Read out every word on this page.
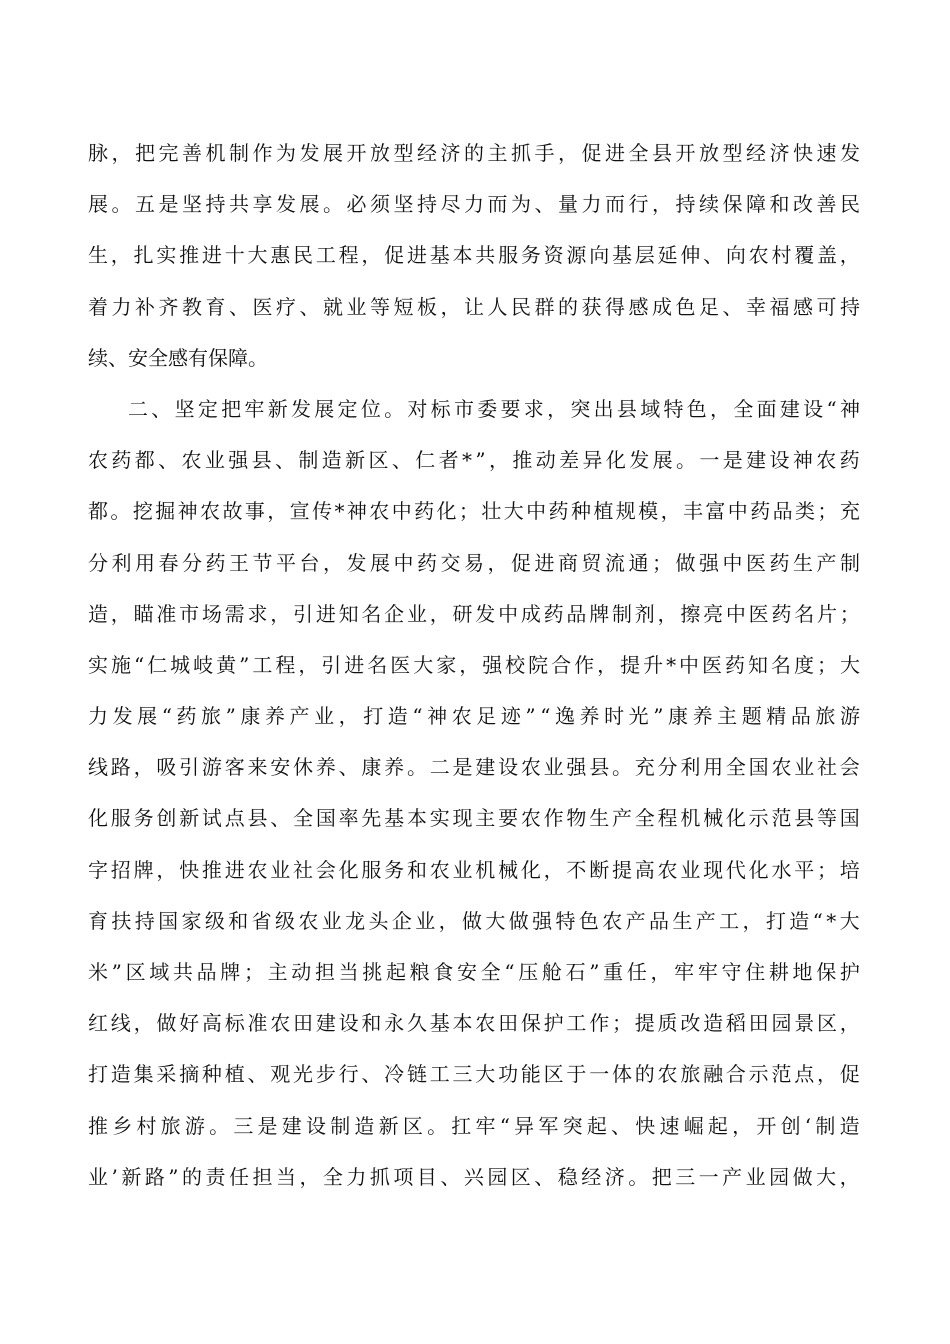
脉 ， 把 完 善 机 制 作 为 发 展 开 放 型 经 济 的 主 抓 手 ， 促 进 全 县 开 放 型 经 济 快 速 发
展 。 五 是 坚 持 共 享 发 展 。 必 须 坚 持 尽 力 而 为 、 量 力 而 行 ， 持 续 保 障 和 改 善 民
生 ， 扎 实 推 进 十 大 惠 民 工 程 ， 促 进 基 本 共 服 务 资 源 向 基 层 延 伸 、 向 农 村 覆 盖 ，
着 力 补 齐 教 育 、 医 疗 、 就 业 等 短 板 ， 让 人 民 群 的 获 得 感 成 色 足 、 幸 福 感 可 持
续、安全感有保障。
二 、 坚 定 把 牢 新 发 展 定 位 。 对 标 市 委 要 求 ， 突 出 县 域 特 色 ， 全 面 建 设 “ 神
农 药 都 、 农 业 强 县 、 制 造 新 区 、 仁 者 * ” ， 推 动 差 异 化 发 展 。 一 是 建 设 神 农 药
都 。 挖 掘 神 农 故 事 ， 宣 传 * 神 农 中 药 化 ； 壮 大 中 药 种 植 规 模 ， 丰 富 中 药 品 类 ； 充
分 利 用 春 分 药 王 节 平 台 ， 发 展 中 药 交 易 ， 促 进 商 贸 流 通 ； 做 强 中 医 药 生 产 制
造 ， 瞄 准 市 场 需 求 ， 引 进 知 名 企 业 ， 研 发 中 成 药 品 牌 制 剂 ， 擦 亮 中 医 药 名 片 ；
实 施 “ 仁 城 岐 黄 ” 工 程 ， 引 进 名 医 大 家 ， 强 校 院 合 作 ， 提 升 * 中 医 药 知 名 度 ； 大
力 发 展 “ 药 旅 ” 康 养 产 业 ， 打 造 “ 神 农 足 迹 ” “ 逸 养 时 光 ” 康 养 主 题 精 品 旅 游
线 路 ， 吸 引 游 客 来 安 休 养 、 康 养 。 二 是 建 设 农 业 强 县 。 充 分 利 用 全 国 农 业 社 会
化 服 务 创 新 试 点 县 、 全 国 率 先 基 本 实 现 主 要 农 作 物 生 产 全 程 机 械 化 示 范 县 等 国
字 招 牌 ， 快 推 进 农 业 社 会 化 服 务 和 农 业 机 械 化 ， 不 断 提 高 农 业 现 代 化 水 平 ； 培
育 扶 持 国 家 级 和 省 级 农 业 龙 头 企 业 ， 做 大 做 强 特 色 农 产 品 生 产 工 ， 打 造 “ * 大
米 ” 区 域 共 品 牌 ； 主 动 担 当 挑 起 粮 食 安 全 “ 压 舱 石 ” 重 任 ， 牢 牢 守 住 耕 地 保 护
红 线 ， 做 好 高 标 准 农 田 建 设 和 永 久 基 本 农 田 保 护 工 作 ； 提 质 改 造 稻 田 园 景 区 ，
打 造 集 采 摘 种 植 、 观 光 步 行 、 冷 链 工 三 大 功 能 区 于 一 体 的 农 旅 融 合 示 范 点 ， 促
推 乡 村 旅 游 。 三 是 建 设 制 造 新 区 。 扛 牢 “ 异 军 突 起 、 快 速 崛 起 ， 开 创 ‘ 制 造
业 ’ 新 路 ” 的 责 任 担 当 ， 全 力 抓 项 目 、 兴 园 区 、 稳 经 济 。 把 三 一 产 业 园 做 大 ，
